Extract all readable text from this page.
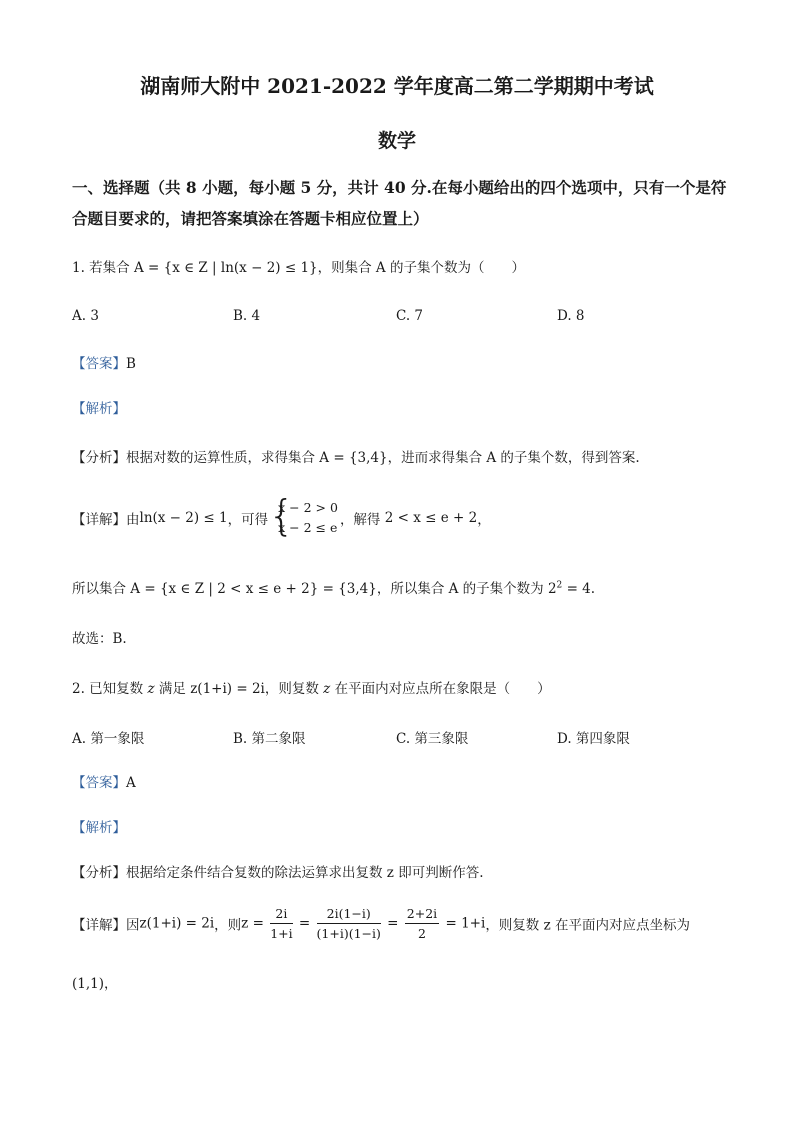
湖南师大附中 2021-2022 学年度高二第二学期期中考试
数学
一、选择题（共 8 小题，每小题 5 分，共计 40 分.在每小题给出的四个选项中，只有一个是符
合题目要求的，请把答案填涂在答题卡相应位置上）
1. 若集合 A = {x ∈ Z | ln(x − 2) ≤ 1}，则集合 A 的子集个数为（　　）
A. 3	B. 4	C. 7	D. 8
【答案】B
【解析】
【分析】根据对数的运算性质，求得集合 A = {3,4}，进而求得集合 A 的子集个数，得到答案.
【详解】由ln(x − 2) ≤ 1，可得 {
x − 2 > 0
x − 2 ≤ e ，解得 2 < x ≤ e + 2，
所以集合 A = {x ∈ Z | 2 < x ≤ e + 2} = {3,4}，所以集合 A 的子集个数为 $2^2 = 4$.
故选：B.
2. 已知复数 z 满足 z(1+i) = 2i，则复数 z 在平面内对应点所在象限是（　　）
A. 第一象限	B. 第二象限	C. 第三象限	D. 第四象限
【答案】A
【解析】
【分析】根据给定条件结合复数的除法运算求出复数 z 即可判断作答.
【详解】因z(1+i) = 2i，则$z = \frac{2i}{1+i} = \frac{2i(1-i)}{(1+i)(1-i)} = \frac{2+2i}{2} = 1+i$，则复数 z 在平面内对应点坐标为
(1,1)，
